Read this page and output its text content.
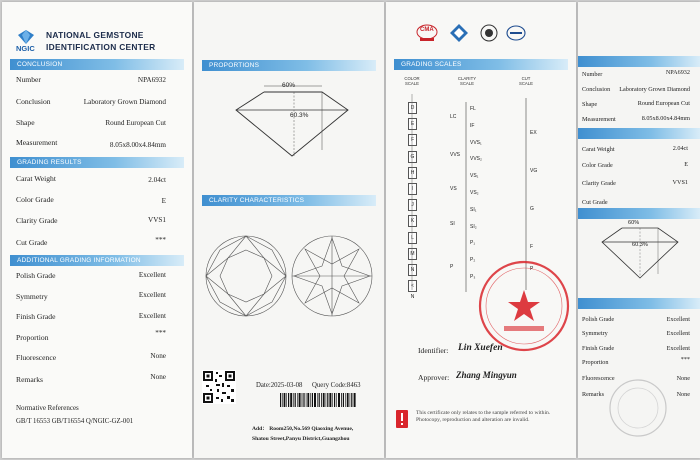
NGIC
NATIONAL GEMSTONE
IDENTIFICATION CENTER
CONCLUSION
Number	NPA6932
Conclusion	Laboratory Grown Diamond
Shape	Round European Cut
Measurement	8.05x8.00x4.84mm
GRADING RESULTS
Carat Weight	2.04ct
Color Grade	E
Clarity Grade	VVS1
Cut Grade	***
ADDITIONAL GRADING INFORMATION
Polish Grade	Excellent
Symmetry	Excellent
Finish Grade	Excellent
Proportion	***
Fluorescence	None
Remarks	None
Normative References
GB/T 16553 GB/T16554 Q/NGIC-GZ-001
PROPORTIONS
60%
60.3%
CLARITY CHARACTERISTICS
Date:2025-03-08 Query Code:8463
Add： Room250,No.569 Qiaoxing Avenue,
Shatou Street,Panyu District,Guangzhou
CMA
GRADING SCALES
COLOR
SCALE
CLARITY
SCALE
CUT
SCALE
D
E
F
G
H
I
J
K
L
M
N
< N
LC
VVS
VS
SI
P
FL
IF
VVS₁
VVS₂
VS₁
VS₂
SI₁
SI₂
P₁
P₂
P₃
EX
VG
G
F
P
Identifier: Lin Xuefen
Approver: Zhang Mingyun
This certificate only relates to the sample referred to within. Photocopy, reproduction and alteration are invalid.
Number	NPA6932
Conclusion Laboratory Grown Diamond
Shape	Round European Cut
Measurement	8.05x8.00x4.84mm
Carat Weight	2.04ct
Color Grade	E
Clarity Grade	VVS1
Cut Grade
60%
60.3%
Polish Grade	Excellent
Symmetry	Excellent
Finish Grade	Excellent
Proportion	***
Fluorescence	None
Remarks	None
